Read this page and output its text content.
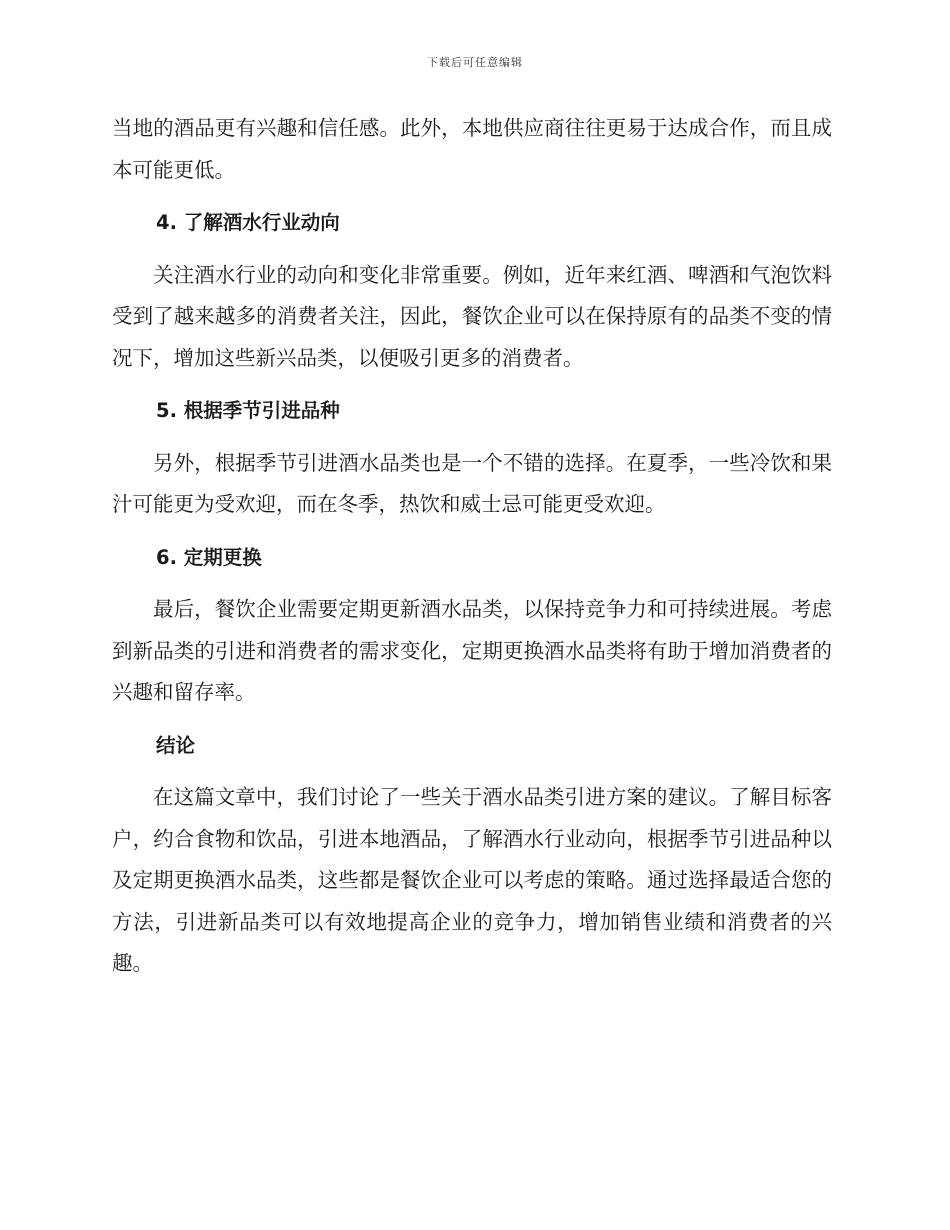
下载后可任意编辑

当地的酒品更有兴趣和信任感。此外，本地供应商往往更易于达成合作，而且成本可能更低。

4. 了解酒水行业动向

关注酒水行业的动向和变化非常重要。例如，近年来红酒、啤酒和气泡饮料受到了越来越多的消费者关注，因此，餐饮企业可以在保持原有的品类不变的情况下，增加这些新兴品类，以便吸引更多的消费者。

5. 根据季节引进品种

另外，根据季节引进酒水品类也是一个不错的选择。在夏季，一些冷饮和果汁可能更为受欢迎，而在冬季，热饮和威士忌可能更受欢迎。

6. 定期更换

最后，餐饮企业需要定期更新酒水品类，以保持竞争力和可持续进展。考虑到新品类的引进和消费者的需求变化，定期更换酒水品类将有助于增加消费者的兴趣和留存率。

结论

在这篇文章中，我们讨论了一些关于酒水品类引进方案的建议。了解目标客户，约合食物和饮品，引进本地酒品，了解酒水行业动向，根据季节引进品种以及定期更换酒水品类，这些都是餐饮企业可以考虑的策略。通过选择最适合您的方法，引进新品类可以有效地提高企业的竞争力，增加销售业绩和消费者的兴趣。
